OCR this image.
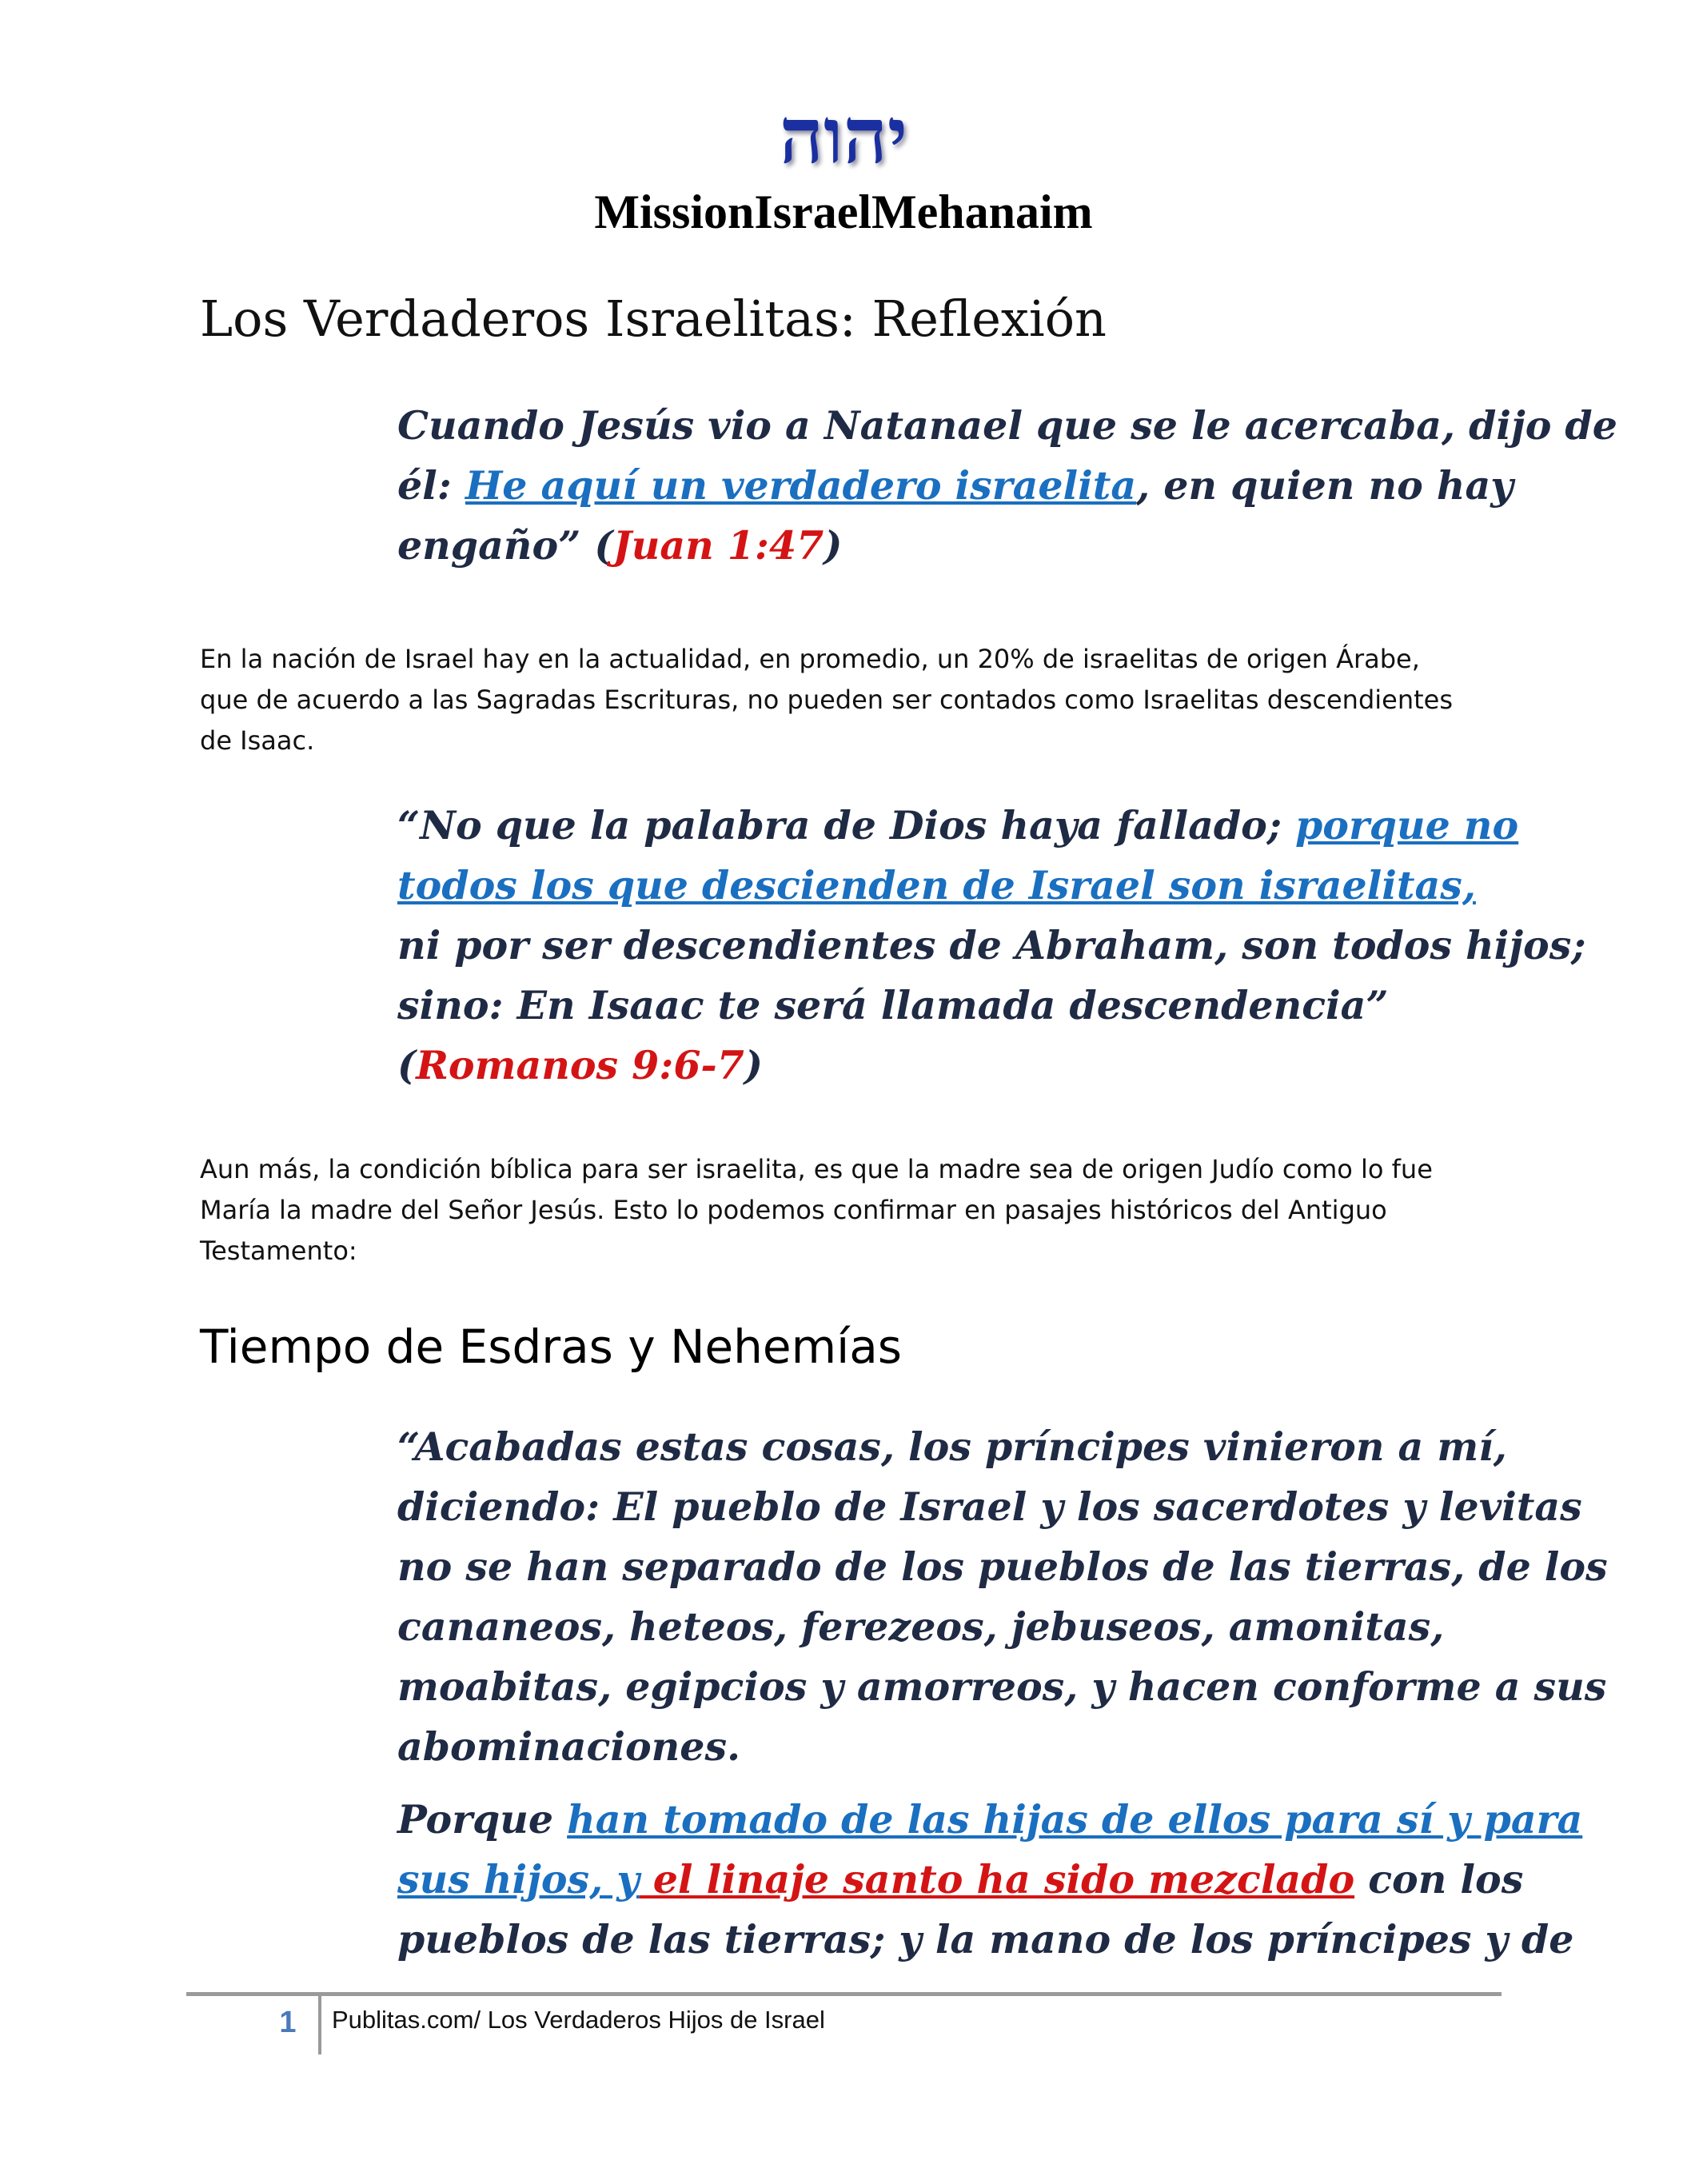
יהוה
MissionIsraelMehanaim
Los Verdaderos Israelitas: Reflexión
Cuando Jesús vio a Natanael que se le acercaba, dijo de
él: He aquí un verdadero israelita, en quien no hay
engaño” (Juan 1:47)
En la nación de Israel hay en la actualidad, en promedio, un 20% de israelitas de origen Árabe,
que de acuerdo a las Sagradas Escrituras, no pueden ser contados como Israelitas descendientes
de Isaac.
“No que la palabra de Dios haya fallado; porque no
todos los que descienden de Israel son israelitas,
ni por ser descendientes de Abraham, son todos hijos;
sino: En Isaac te será llamada descendencia”
(Romanos 9:6-7)
Aun más, la condición bíblica para ser israelita, es que la madre sea de origen Judío como lo fue
María la madre del Señor Jesús. Esto lo podemos confirmar en pasajes históricos del Antiguo
Testamento:
Tiempo de Esdras y Nehemías
“Acabadas estas cosas, los príncipes vinieron a mí,
diciendo: El pueblo de Israel y los sacerdotes y levitas
no se han separado de los pueblos de las tierras, de los
cananeos, heteos, ferezeos, jebuseos, amonitas,
moabitas, egipcios y amorreos, y hacen conforme a sus
abominaciones.
Porque han tomado de las hijas de ellos para sí y para
sus hijos, y el linaje santo ha sido mezclado con los
pueblos de las tierras; y la mano de los príncipes y de
1	Publitas.com/ Los Verdaderos Hijos de Israel
